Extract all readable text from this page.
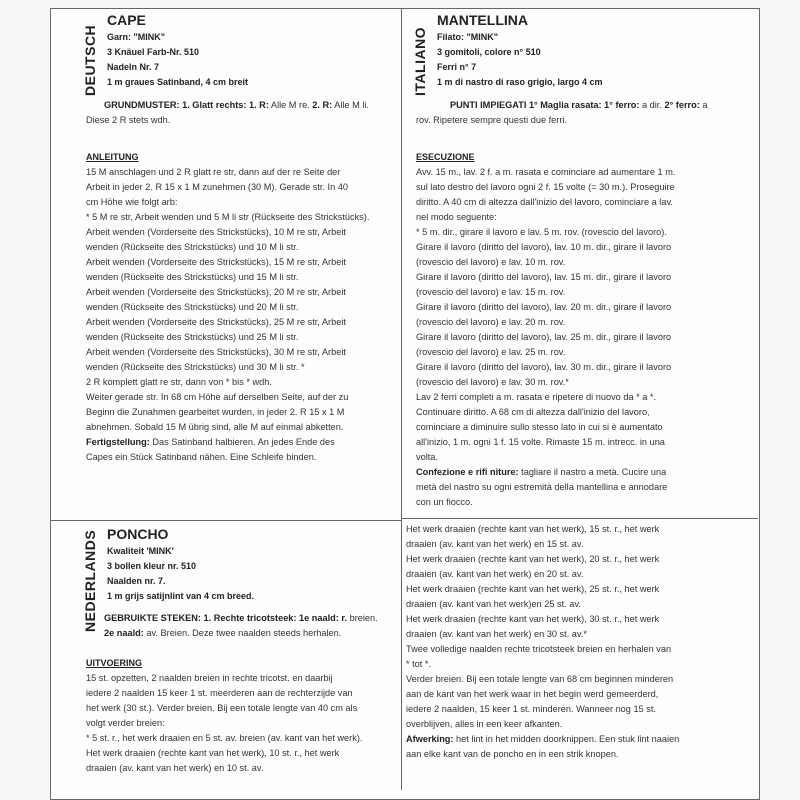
DEUTSCH
CAPE
Garn: "MINK"
3 Knäuel Farb-Nr. 510
Nadeln Nr. 7
1 m graues Satinband, 4 cm breit

GRUNDMUSTER: 1. Glatt rechts: 1. R: Alle M re. 2. R: Alle M li.

Diese 2 R stets wdh.

ANLEITUNG

15 M anschlagen und 2 R glatt re str, dann auf der re Seite der

Arbeit in jeder 2. R 15 x 1 M zunehmen (30 M). Gerade str. In 40

cm Höhe wie folgt arb:

* 5 M re str, Arbeit wenden und 5 M li str (Rückseite des Strickstücks).

Arbeit wenden (Vorderseite des Strickstücks), 10 M re str, Arbeit

wenden (Rückseite des Strickstücks) und 10 M li str.

Arbeit wenden (Vorderseite des Strickstücks), 15 M re str, Arbeit

wenden (Rückseite des Strickstücks) und 15 M li str.

Arbeit wenden (Vorderseite des Strickstücks), 20 M re str, Arbeit

wenden (Rückseite des Strickstücks) und 20 M li str.

Arbeit wenden (Vorderseite des Strickstücks), 25 M re str, Arbeit

wenden (Rückseite des Strickstücks) und 25 M li str.

Arbeit wenden (Vorderseite des Strickstücks), 30 M re str, Arbeit

wenden (Rückseite des Strickstücks) und 30 M li str. *

2 R komplett glatt re str, dann von * bis * wdh.

Weiter gerade str. In 68 cm Höhe auf derselben Seite, auf der zu

Beginn die Zunahmen gearbeitet wurden, in jeder 2. R 15 x 1 M

abnehmen. Sobald 15 M übrig sind, alle M auf einmal abketten.

Fertigstellung: Das Satinband halbieren. An jedes Ende des

Capes ein Stück Satinband nähen. Eine Schleife binden.

ITALIANO
MANTELLINA
Filato: "MINK"
3 gomitoli, colore n° 510
Ferri n° 7
1 m di nastro di raso grigio, largo 4 cm

PUNTI IMPIEGATI 1° Maglia rasata: 1° ferro: a dir. 2° ferro: a

rov. Ripetere sempre questi due ferri.

ESECUZIONE

Avv. 15 m., lav. 2 f. a m. rasata e cominciare ad aumentare 1 m.

sul lato destro del lavoro ogni 2 f. 15 volte (= 30 m.). Proseguire

diritto. A 40 cm di altezza dall'inizio del lavoro, cominciare a lav.

nel modo seguente:

* 5 m. dir., girare il lavoro e lav. 5 m. rov. (rovescio del lavoro).

Girare il lavoro (diritto del lavoro), lav. 10 m. dir., girare il lavoro

(rovescio del lavoro) e lav. 10 m. rov.

Girare il lavoro (diritto del lavoro), lav. 15 m. dir., girare il lavoro

(rovescio del lavoro) e lav. 15 m. rov.

Girare il lavoro (diritto del lavoro), lav. 20 m. dir., girare il lavoro

(rovescio del lavoro) e lav. 20 m. rov.

Girare il lavoro (diritto del lavoro), lav. 25 m. dir., girare il lavoro

(rovescio del lavoro) e lav. 25 m. rov.

Girare il lavoro (diritto del lavoro), lav. 30 m. dir., girare il lavoro

(rovescio del lavoro) e lav. 30 m. rov.*

Lav 2 ferri completi a m. rasata e ripetere di nuovo da * a *.

Continuare diritto. A 68 cm di altezza dall'inizio del lavoro,

cominciare a diminuire sullo stesso lato in cui si è aumentato

all'inizio, 1 m. ogni 1 f. 15 volte. Rimaste 15 m. intrecc. in una

volta.

Confezione e rifi niture: tagliare il nastro a metà. Cucire una

metà del nastro su ogni estremità della mantellina e annodare

con un fiocco.

NEDERLANDS PONCHO
Kwaliteit 'MINK'
3 bollen kleur nr. 510
Naalden nr. 7.
1 m grijs satijnlint van 4 cm breed.

GEBRUIKTE STEKEN: 1. Rechte tricotsteek: 1e naald: r. breien.

2e naald: av. Breien. Deze twee naalden steeds herhalen.

UITVOERING

15 st. opzetten, 2 naalden breien in rechte tricotst. en daarbij

iedere 2 naalden 15 keer 1 st. meerderen aan de rechterzijde van

het werk (30 st.). Verder breien. Bij een totale lengte van 40 cm als

volgt verder breien:

* 5 st. r., het werk draaien en 5 st. av. breien (av. kant van het werk).

Het werk draaien (rechte kant van het werk), 10 st. r., het werk

draaien (av. kant van het werk) en 10 st. av.

Het werk draaien (rechte kant van het werk), 15 st. r., het werk

draaien (av. kant van het werk) en 15 st. av.

Het werk draaien (rechte kant van het werk), 20 st. r., het werk

draaien (av. kant van het werk) en 20 st. av.

Het werk draaien (rechte kant van het werk), 25 st. r., het werk

draaien (av. kant van het werk)en 25 st. av.

Het werk draaien (rechte kant van het werk), 30 st. r., het werk

draaien (av. kant van het werk) en 30 st. av.*

Twee volledige naalden rechte tricotsteek breien en herhalen van

* tot *.

Verder breien. Bij een totale lengte van 68 cm beginnen minderen

aan de kant van het werk waar in het begin werd gemeerderd,

iedere 2 naalden, 15 keer 1 st. minderen. Wanneer nog 15 st.

overblijven, alles in een keer afkanten.

Afwerking: het lint in het midden doorknippen. Een stuk lint naaien

aan elke kant van de poncho en in een strik knopen.
